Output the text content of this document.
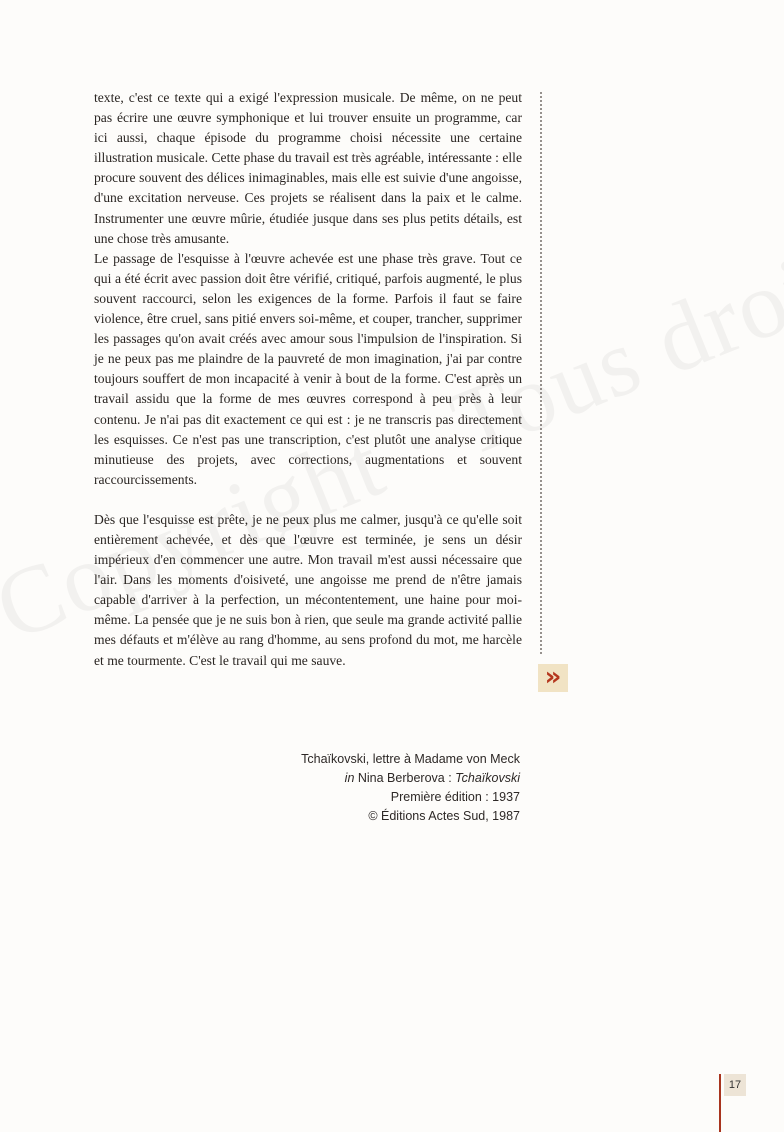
texte, c'est ce texte qui a exigé l'expression musicale. De même, on ne peut pas écrire une œuvre symphonique et lui trouver ensuite un programme, car ici aussi, chaque épisode du programme choisi nécessite une certaine illustration musicale. Cette phase du travail est très agréable, intéressante : elle procure souvent des délices inimaginables, mais elle est suivie d'une angoisse, d'une excitation nerveuse. Ces projets se réalisent dans la paix et le calme. Instrumenter une œuvre mûrie, étudiée jusque dans ses plus petits détails, est une chose très amusante.

Le passage de l'esquisse à l'œuvre achevée est une phase très grave. Tout ce qui a été écrit avec passion doit être vérifié, critiqué, parfois augmenté, le plus souvent raccourci, selon les exigences de la forme. Parfois il faut se faire violence, être cruel, sans pitié envers soi-même, et couper, trancher, supprimer les passages qu'on avait créés avec amour sous l'impulsion de l'inspiration. Si je ne peux pas me plaindre de la pauvreté de mon imagination, j'ai par contre toujours souffert de mon incapacité à venir à bout de la forme. C'est après un travail assidu que la forme de mes œuvres correspond à peu près à leur contenu. Je n'ai pas dit exactement ce qui est : je ne transcris pas directement les esquisses. Ce n'est pas une transcription, c'est plutôt une analyse critique minutieuse des projets, avec corrections, augmentations et souvent raccourcissements.

Dès que l'esquisse est prête, je ne peux plus me calmer, jusqu'à ce qu'elle soit entièrement achevée, et dès que l'œuvre est terminée, je sens un désir impérieux d'en commencer une autre. Mon travail m'est aussi nécessaire que l'air. Dans les moments d'oisiveté, une angoisse me prend de n'être jamais capable d'arriver à la perfection, un mécontentement, une haine pour moi-même. La pensée que je ne suis bon à rien, que seule ma grande activité pallie mes défauts et m'élève au rang d'homme, au sens profond du mot, me harcèle et me tourmente. C'est le travail qui me sauve.

»
Tchaïkovski, lettre à Madame von Meck
in Nina Berberova : Tchaïkovski
Première édition : 1937
© Éditions Actes Sud, 1987
17
